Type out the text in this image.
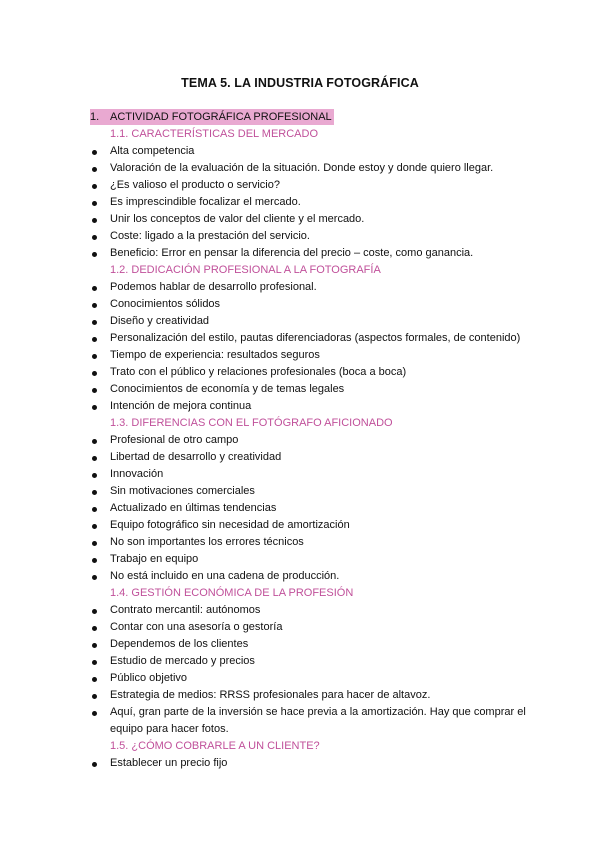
TEMA 5. LA INDUSTRIA FOTOGRÁFICA
1. ACTIVIDAD FOTOGRÁFICA PROFESIONAL
1.1. CARACTERÍSTICAS DEL MERCADO
Alta competencia
Valoración de la evaluación de la situación. Donde estoy y donde quiero llegar.
¿Es valioso el producto o servicio?
Es imprescindible focalizar el mercado.
Unir los conceptos de valor del cliente y el mercado.
Coste: ligado a la prestación del servicio.
Beneficio: Error en pensar la diferencia del precio – coste, como ganancia.
1.2. DEDICACIÓN PROFESIONAL A LA FOTOGRAFÍA
Podemos hablar de desarrollo profesional.
Conocimientos sólidos
Diseño y creatividad
Personalización del estilo, pautas diferenciadoras (aspectos formales, de contenido)
Tiempo de experiencia: resultados seguros
Trato con el público y relaciones profesionales (boca a boca)
Conocimientos de economía y de temas legales
Intención de mejora continua
1.3. DIFERENCIAS CON EL FOTÓGRAFO AFICIONADO
Profesional de otro campo
Libertad de desarrollo y creatividad
Innovación
Sin motivaciones comerciales
Actualizado en últimas tendencias
Equipo fotográfico sin necesidad de amortización
No son importantes los errores técnicos
Trabajo en equipo
No está incluido en una cadena de producción.
1.4. GESTIÓN ECONÓMICA DE LA PROFESIÓN
Contrato mercantil: autónomos
Contar con una asesoría o gestoría
Dependemos de los clientes
Estudio de mercado y precios
Público objetivo
Estrategia de medios: RRSS profesionales para hacer de altavoz.
Aquí, gran parte de la inversión se hace previa a la amortización. Hay que comprar el equipo para hacer fotos.
1.5. ¿CÓMO COBRARLE A UN CLIENTE?
Establecer un precio fijo
